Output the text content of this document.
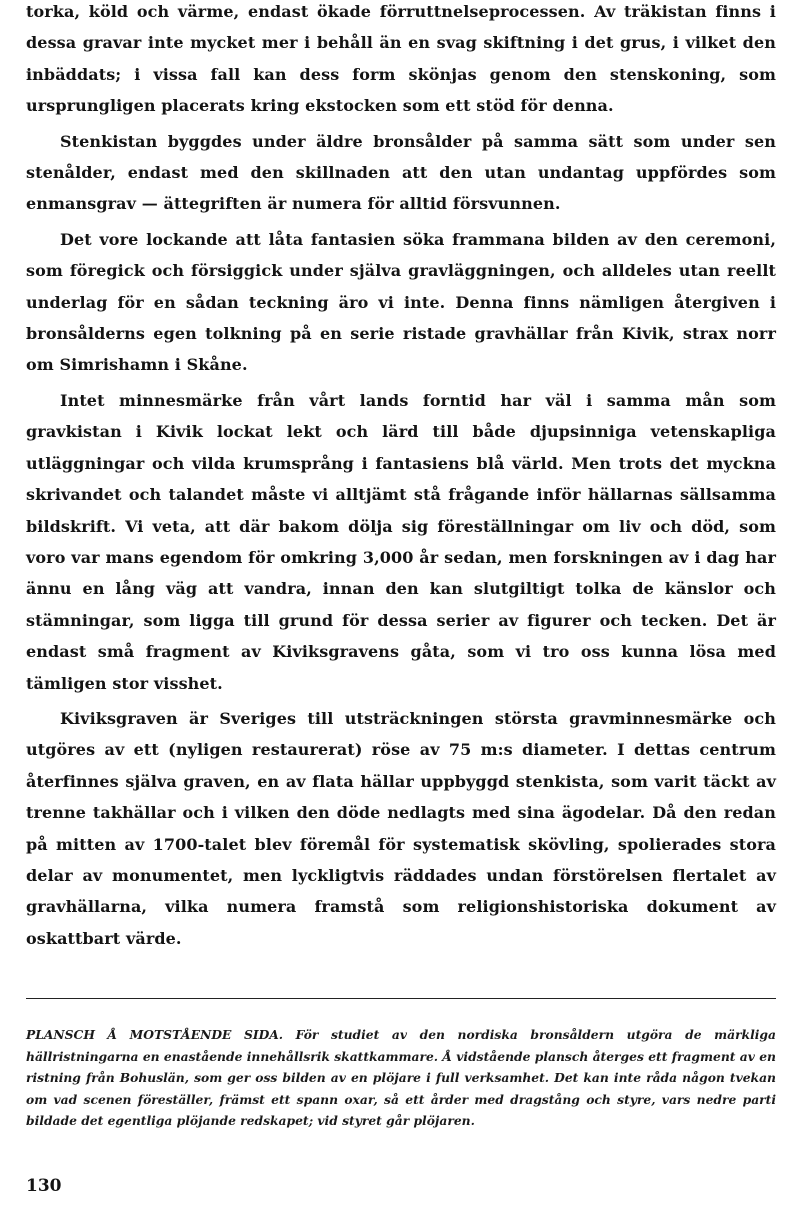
torka, köld och värme, endast ökade förruttnelseprocessen. Av träkistan finns i dessa gravar inte mycket mer i behåll än en svag skiftning i det grus, i vilket den inbäddats; i vissa fall kan dess form skönjas genom den stenskoning, som ursprungligen placerats kring ekstocken som ett stöd för denna.

Stenkistan byggdes under äldre bronsålder på samma sätt som under sen stenålder, endast med den skillnaden att den utan undantag uppfördes som enmansgrav — ättegriften är numera för alltid försvunnen.

Det vore lockande att låta fantasien söka frammana bilden av den ceremoni, som föregick och försiggick under själva gravläggningen, och alldeles utan reellt underlag för en sådan teckning äro vi inte. Denna finns nämligen återgiven i bronsålderns egen tolkning på en serie ristade gravhällar från Kivik, strax norr om Simrishamn i Skåne.

Intet minnesmärke från vårt lands forntid har väl i samma mån som gravkistan i Kivik lockat lekt och lärd till både djupsinniga vetenskapliga utläggningar och vilda krumsprång i fantasiens blå värld. Men trots det myckna skrivandet och talandet måste vi alltjämt stå frågande inför hällarnas sällsamma bildskrift. Vi veta, att där bakom dölja sig föreställningar om liv och död, som voro var mans egendom för omkring 3,000 år sedan, men forskningen av i dag har ännu en lång väg att vandra, innan den kan slutgiltigt tolka de känslor och stämningar, som ligga till grund för dessa serier av figurer och tecken. Det är endast små fragment av Kiviksgravens gåta, som vi tro oss kunna lösa med tämligen stor visshet.

Kiviksgraven är Sveriges till utsträckningen största gravminnesmärke och utgöres av ett (nyligen restaurerat) röse av 75 m:s diameter. I dettas centrum återfinnes själva graven, en av flata hällar uppbyggd stenkista, som varit täckt av trenne takhällar och i vilken den döde nedlagts med sina ägodelar. Då den redan på mitten av 1700-talet blev föremål för systematisk skövling, spolierades stora delar av monumentet, men lyckligtvis räddades undan förstörelsen flertalet av gravhällarna, vilka numera framstå som religionshistoriska dokument av oskattbart värde.

PLANSCH Å MOTSTÅENDE SIDA. För studiet av den nordiska bronsåldern utgöra de märkliga hällristningarna en enastående innehållsrik skattkammare. Å vidstående plansch återges ett fragment av en ristning från Bohuslän, som ger oss bilden av en plöjare i full verksamhet. Det kan inte råda någon tvekan om vad scenen föreställer, främst ett spann oxar, så ett årder med dragstång och styre, vars nedre parti bildade det egentliga plöjande redskapet; vid styret går plöjaren.
130
